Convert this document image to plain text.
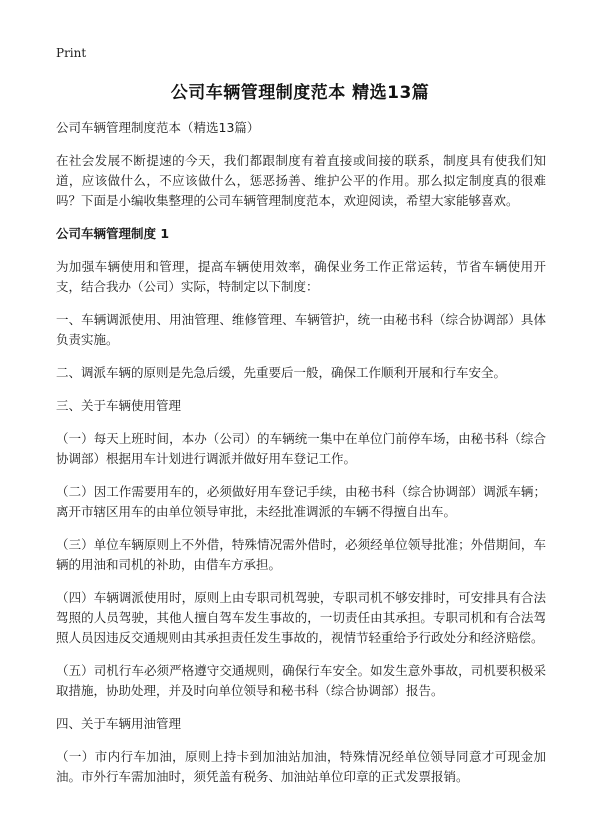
Print
公司车辆管理制度范本 精选13篇

公司车辆管理制度范本（精选13篇）

在社会发展不断提速的今天，我们都跟制度有着直接或间接的联系，制度具有使我们知道，应该做什么，不应该做什么，惩恶扬善、维护公平的作用。那么拟定制度真的很难吗？下面是小编收集整理的公司车辆管理制度范本，欢迎阅读，希望大家能够喜欢。

公司车辆管理制度 1

为加强车辆使用和管理，提高车辆使用效率，确保业务工作正常运转，节省车辆使用开支，结合我办（公司）实际，特制定以下制度：

一、车辆调派使用、用油管理、维修管理、车辆管护，统一由秘书科（综合协调部）具体负责实施。

二、调派车辆的原则是先急后缓，先重要后一般，确保工作顺利开展和行车安全。

三、关于车辆使用管理

（一）每天上班时间，本办（公司）的车辆统一集中在单位门前停车场，由秘书科（综合协调部）根据用车计划进行调派并做好用车登记工作。

（二）因工作需要用车的，必须做好用车登记手续，由秘书科（综合协调部）调派车辆；离开市辖区用车的由单位领导审批，未经批准调派的车辆不得擅自出车。

（三）单位车辆原则上不外借，特殊情况需外借时，必须经单位领导批准；外借期间，车辆的用油和司机的补助，由借车方承担。

（四）车辆调派使用时，原则上由专职司机驾驶，专职司机不够安排时，可安排具有合法驾照的人员驾驶，其他人擅自驾车发生事故的，一切责任由其承担。专职司机和有合法驾照人员因违反交通规则由其承担责任发生事故的，视情节轻重给予行政处分和经济赔偿。

（五）司机行车必须严格遵守交通规则，确保行车安全。如发生意外事故，司机要积极采取措施，协助处理，并及时向单位领导和秘书科（综合协调部）报告。

四、关于车辆用油管理

（一）市内行车加油，原则上持卡到加油站加油，特殊情况经单位领导同意才可现金加油。市外行车需加油时，须凭盖有税务、加油站单位印章的正式发票报销。
